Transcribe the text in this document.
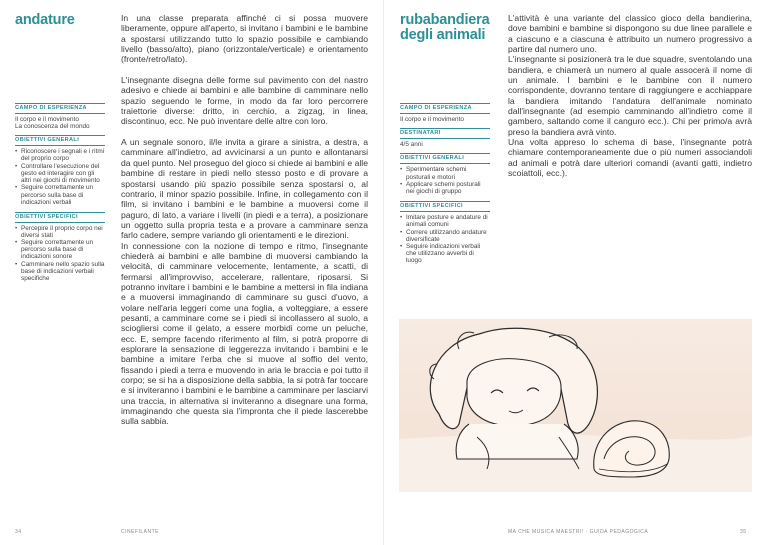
andature
CAMPO DI ESPERIENZA
Il corpo e il movimento
La conoscenza del mondo
OBIETTIVI GENERALI
• Riconoscere i segnali e i ritmi del proprio corpo
• Controllare l'esecuzione del gesto ed interagire con gli altri nei giochi di movimento
• Seguire correttamente un percorso sulla base di indicazioni verbali
OBIETTIVI SPECIFICI
• Percepire il proprio corpo nei diversi stati
• Seguire correttamente un percorso sulla base di indicazioni sonore
• Camminare nello spazio sulla base di indicazioni verbali specifiche

In una classe preparata affinché ci si possa muovere liberamente, oppure all'aperto, si invitano i bambini e le bambine a spostarsi utilizzando tutto lo spazio possibile e cambiando livello (basso/alto), piano (orizzontale/verticale) e orientamento (fronte/retro/lato).

L'insegnante disegna delle forme sul pavimento con del nastro adesivo e chiede ai bambini e alle bambine di camminare nello spazio seguendo le forme, in modo da far loro percorrere traiettorie diverse: dritto, in cerchio, a zigzag, in linea, discontinuo, ecc. Ne può inventare delle altre con loro.

A un segnale sonoro, il/le invita a girare a sinistra, a destra, a camminare all'indietro, ad avvicinarsi a un punto e allontanarsi da quel punto. Nel proseguo del gioco si chiede ai bambini e alle bambine di restare in piedi nello stesso posto e di provare a spostarsi usando più spazio possibile senza spostarsi o, al contrario, il minor spazio possibile. Infine, in collegamento con il film, si invitano i bambini e le bambine a muoversi come il paguro, di lato, a variare i livelli (in piedi e a terra), a posizionare un oggetto sulla propria testa e a provare a camminare senza farlo cadere, sempre variando gli orientamenti e le direzioni.

In connessione con la nozione di tempo e ritmo, l'insegnante chiederà ai bambini e alle bambine di muoversi cambiando la velocità, di camminare velocemente, lentamente, a scatti, di fermarsi all'improvviso, accelerare, rallentare, riposarsi. Si potranno invitare i bambini e le bambine a mettersi in fila indiana e a muoversi immaginando di camminare su gusci d'uovo, a volare nell'aria leggeri come una foglia, a volteggiare, a essere pesanti, a camminare come se i piedi si incollassero al suolo, a sciogliersi come il gelato, a essere morbidi come un peluche, ecc. E, sempre facendo riferimento al film, si potrà proporre di esplorare la sensazione di leggerezza invitando i bambini e le bambine a imitare l'erba che si muove al soffio del vento, fissando i piedi a terra e muovendo in aria le braccia e poi tutto il corpo; se si ha a disposizione della sabbia, la si potrà far toccare e si inviteranno i bambini e le bambine a camminare per lasciarvi una traccia, in alternativa si inviteranno a disegnare una forma, immaginando che questa sia l'impronta che il piede lascerebbe sulla sabbia.

34	CINEFILANTE
rubabandiera
degli animali
CAMPO DI ESPERIENZA
Il corpo e il movimento
DESTINATARI
4/5 anni
OBIETTIVI GENERALI
• Sperimentare schemi posturali e motori
• Applicare schemi posturali nei giochi di gruppo
OBIETTIVI SPECIFICI
• Imitare posture e andature di animali comuni
• Correre utilizzando andature diversificate
• Seguire indicazioni verbali che utilizzano avverbi di luogo

L'attività è una variante del classico gioco della bandierina, dove bambini e bambine si dispongono su due linee parallele e a ciascuno e a ciascuna è attribuito un numero progressivo a partire dal numero uno.

L'insegnante si posizionerà tra le due squadre, sventolando una bandiera, e chiamerà un numero al quale assocerà il nome di un animale. I bambini e le bambine con il numero corrispondente, dovranno tentare di raggiungere e acchiappare la bandiera imitando l'andatura dell'animale nominato dall'insegnante (ad esempio camminando all'indietro come il gambero, saltando come il canguro ecc.). Chi per primo/a avrà preso la bandiera avrà vinto.

Una volta appreso lo schema di base, l'insegnante potrà chiamare contemporaneamente due o più numeri associandoli ad animali e potrà dare ulteriori comandi (avanti gatti, indietro scoiattoli, ecc.).

MA CHE MUSICA MAESTRI! · GUIDA PEDAGOGICA	35
